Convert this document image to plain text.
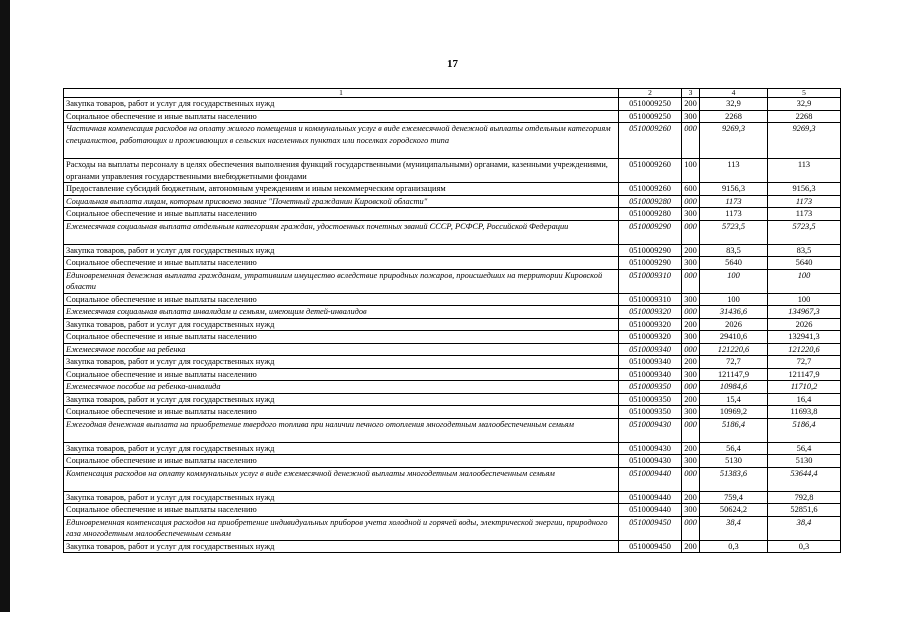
17
1	2	3	4	5
Закупка товаров, работ и услуг для государственных нужд	0510009250	200	32,9	32,9
Социальное обеспечение и иные выплаты населению	0510009250	300	2268	2268
Частичная компенсация расходов на оплату жилого помещения и коммунальных услуг в виде ежемесячной денежной выплаты отдельным категориям специалистов, работающих и проживающих в сельских населенных пунктах или поселках городского типа	0510009260	000	9269,3	9269,3
Расходы на выплаты персоналу в целях обеспечения выполнения функций государственными (муниципальными) органами, казенными учреждениями, органами управления государственными внебюджетными фондами	0510009260	100	113	113
Предоставление субсидий бюджетным, автономным учреждениям и иным некоммерческим организациям	0510009260	600	9156,3	9156,3
Социальная выплата лицам, которым присвоено звание "Почетный гражданин Кировской области"	0510009280	000	1173	1173
Социальное обеспечение и иные выплаты населению	0510009280	300	1173	1173
Ежемесячная социальная выплата отдельным категориям граждан, удостоенных почетных званий СССР, РСФСР, Российской Федерации	0510009290	000	5723,5	5723,5
Закупка товаров, работ и услуг для государственных нужд	0510009290	200	83,5	83,5
Социальное обеспечение и иные выплаты населению	0510009290	300	5640	5640
Единовременная денежная выплата гражданам, утратившим имущество вследствие природных пожаров, происшедших на территории Кировской области	0510009310	000	100	100
Социальное обеспечение и иные выплаты населению	0510009310	300	100	100
Ежемесячная социальная выплата инвалидам и семьям, имеющим детей-инвалидов	0510009320	000	31436,6	134967,3
Закупка товаров, работ и услуг для государственных нужд	0510009320	200	2026	2026
Социальное обеспечение и иные выплаты населению	0510009320	300	29410,6	132941,3
Ежемесячное пособие на ребенка	0510009340	000	121220,6	121220,6
Закупка товаров, работ и услуг для государственных нужд	0510009340	200	72,7	72,7
Социальное обеспечение и иные выплаты населению	0510009340	300	121147,9	121147,9
Ежемесячное пособие на ребенка-инвалида	0510009350	000	10984,6	11710,2
Закупка товаров, работ и услуг для государственных нужд	0510009350	200	15,4	16,4
Социальное обеспечение и иные выплаты населению	0510009350	300	10969,2	11693,8
Ежегодная денежная выплата на приобретение твердого топлива при наличии печного отопления многодетным малообеспеченным семьям	0510009430	000	5186,4	5186,4
Закупка товаров, работ и услуг для государственных нужд	0510009430	200	56,4	56,4
Социальное обеспечение и иные выплаты населению	0510009430	300	5130	5130
Компенсация расходов на оплату коммунальных услуг в виде ежемесячной денежной выплаты многодетным малообеспеченным семьям	0510009440	000	51383,6	53644,4
Закупка товаров, работ и услуг для государственных нужд	0510009440	200	759,4	792,8
Социальное обеспечение и иные выплаты населению	0510009440	300	50624,2	52851,6
Единовременная компенсация расходов на приобретение индивидуальных приборов учета холодной и горячей воды, электрической энергии, природного газа многодетным малообеспеченным семьям	0510009450	000	38,4	38,4
Закупка товаров, работ и услуг для государственных нужд	0510009450	200	0,3	0,3
